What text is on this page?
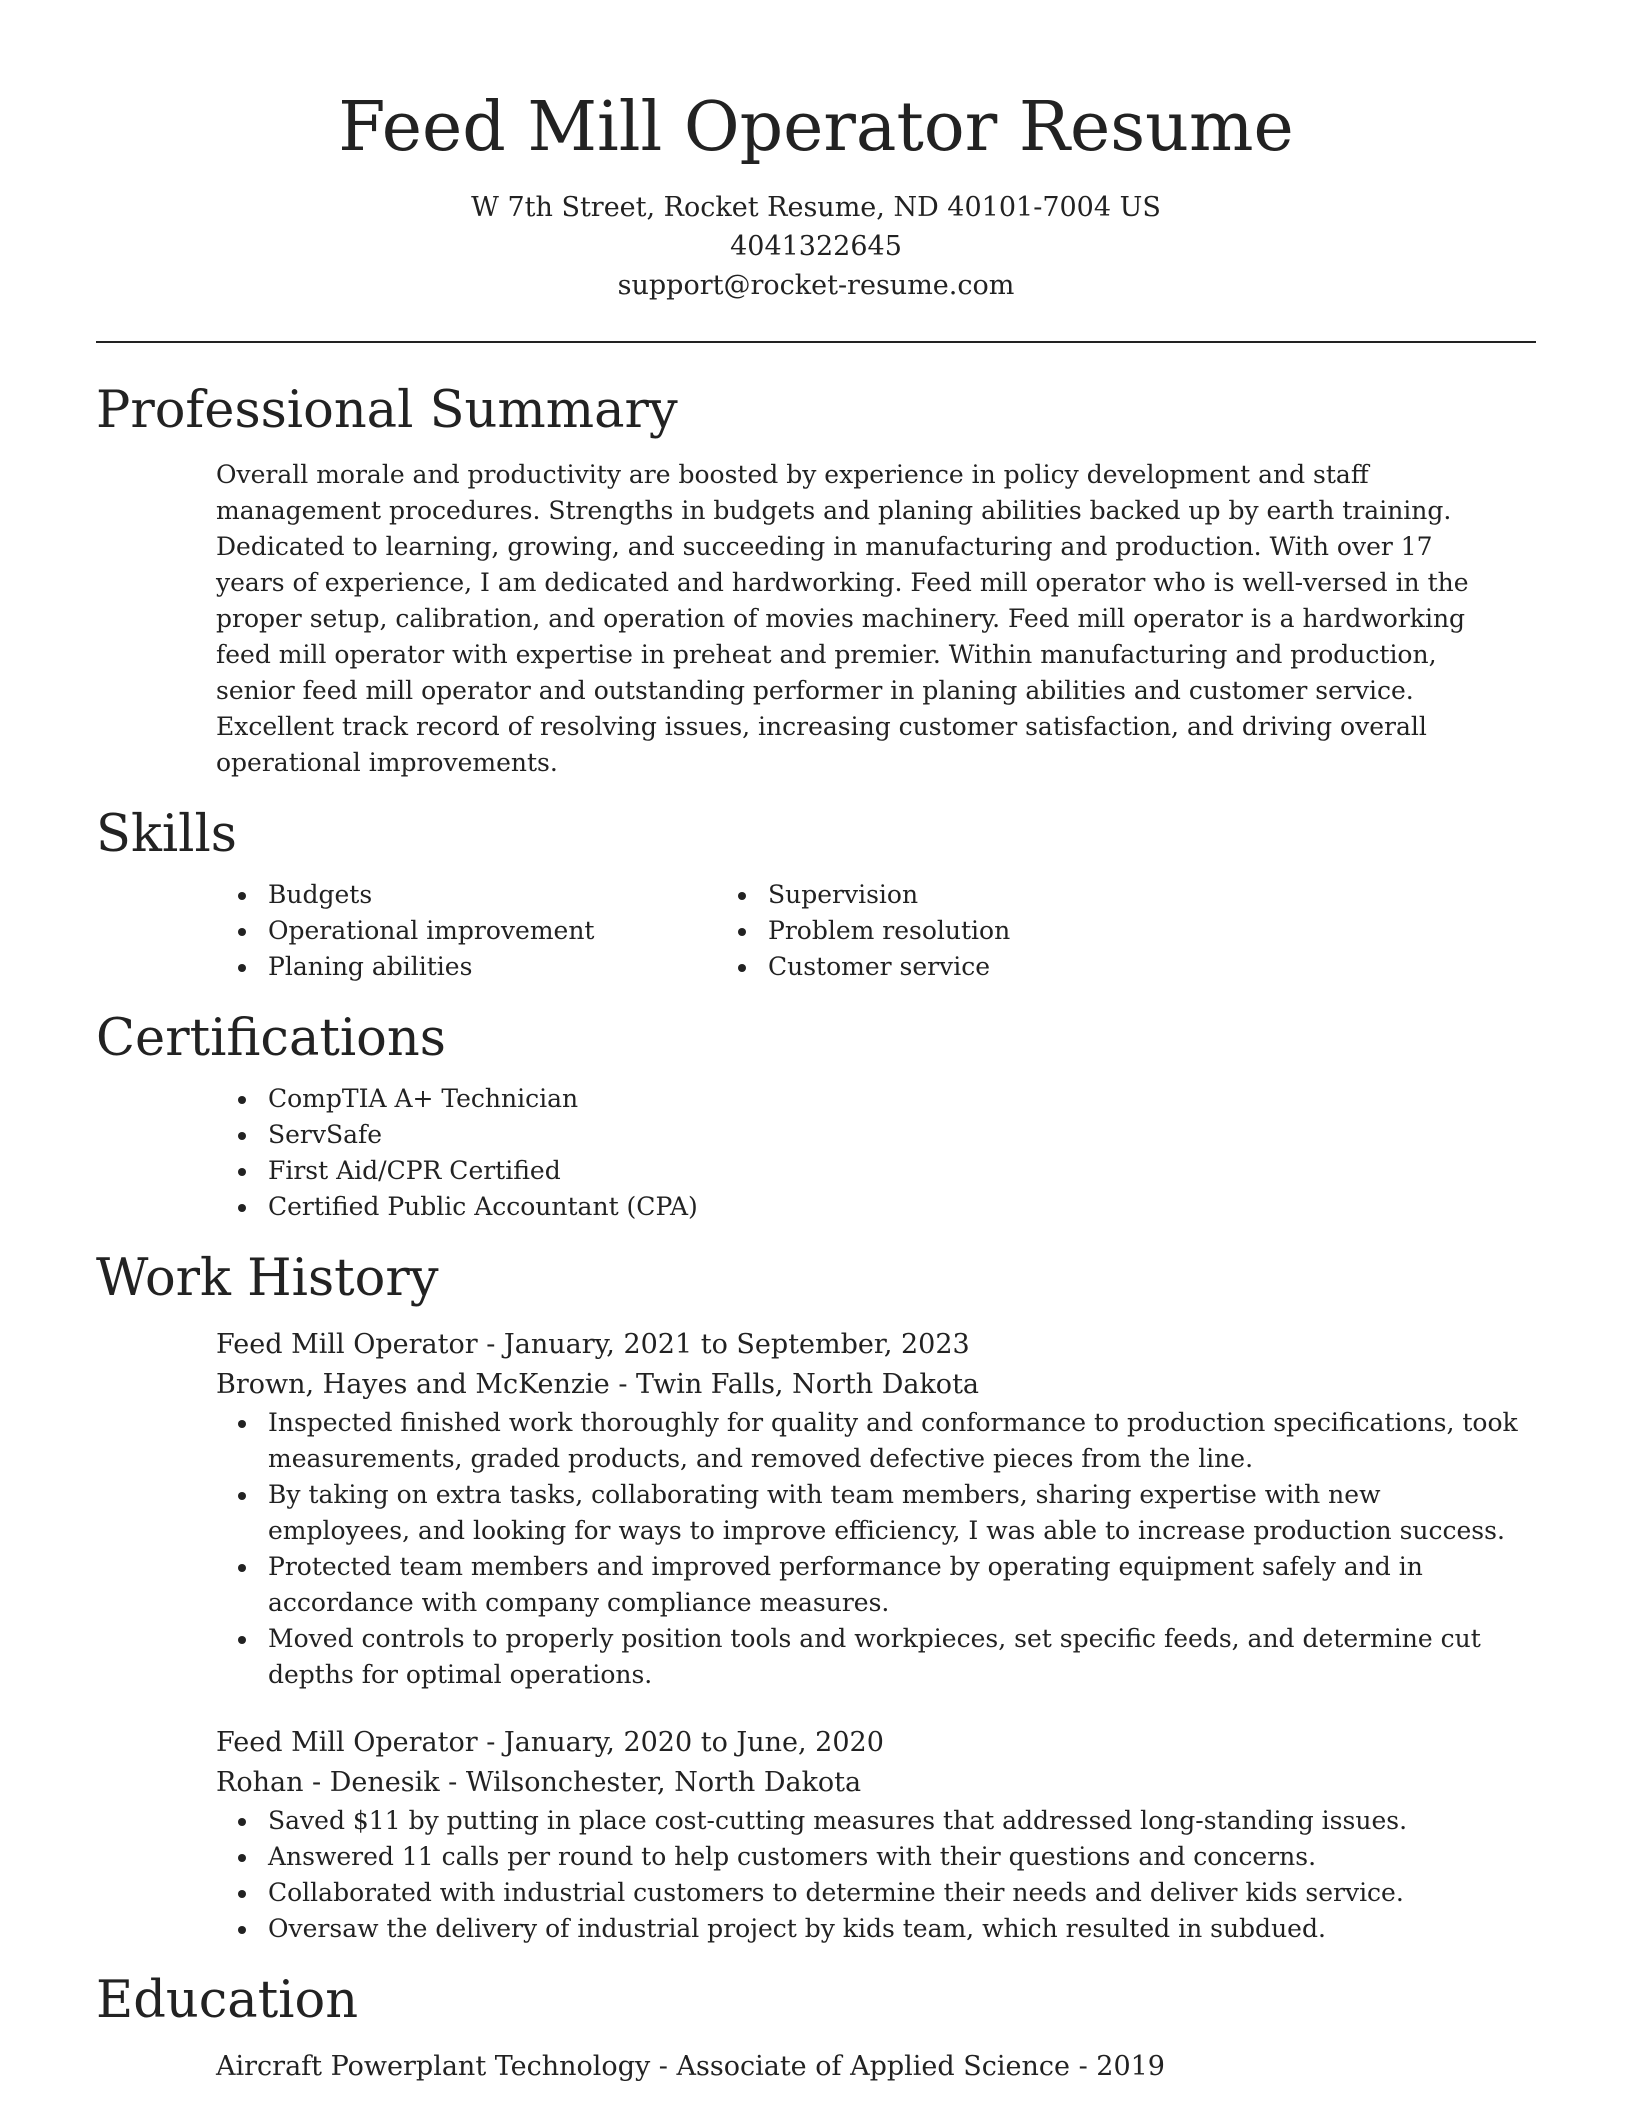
Feed Mill Operator Resume

W 7th Street, Rocket Resume, ND 40101-7004 US

4041322645

support@rocket-resume.com

Professional Summary

Overall morale and productivity are boosted by experience in policy development and staff management procedures. Strengths in budgets and planing abilities backed up by earth training. Dedicated to learning, growing, and succeeding in manufacturing and production. With over 17 years of experience, I am dedicated and hardworking. Feed mill operator who is well-versed in the proper setup, calibration, and operation of movies machinery. Feed mill operator is a hardworking feed mill operator with expertise in preheat and premier. Within manufacturing and production, senior feed mill operator and outstanding performer in planing abilities and customer service. Excellent track record of resolving issues, increasing customer satisfaction, and driving overall operational improvements.

Skills
• Budgets
• Operational improvement
• Planing abilities
• Supervision
• Problem resolution
• Customer service
Certifications
• CompTIA A+ Technician
• ServSafe
• First Aid/CPR Certified
• Certified Public Accountant (CPA)
Work History

Feed Mill Operator - January, 2021 to September, 2023

Brown, Hayes and McKenzie - Twin Falls, North Dakota

• Inspected finished work thoroughly for quality and conformance to production specifications, took measurements, graded products, and removed defective pieces from the line.
• By taking on extra tasks, collaborating with team members, sharing expertise with new employees, and looking for ways to improve efficiency, I was able to increase production success.
• Protected team members and improved performance by operating equipment safely and in accordance with company compliance measures.
• Moved controls to properly position tools and workpieces, set specific feeds, and determine cut depths for optimal operations.

Feed Mill Operator - January, 2020 to June, 2020

Rohan - Denesik - Wilsonchester, North Dakota

• Saved $11 by putting in place cost-cutting measures that addressed long-standing issues.
• Answered 11 calls per round to help customers with their questions and concerns.
• Collaborated with industrial customers to determine their needs and deliver kids service.
• Oversaw the delivery of industrial project by kids team, which resulted in subdued.
Education

Aircraft Powerplant Technology - Associate of Applied Science - 2019
